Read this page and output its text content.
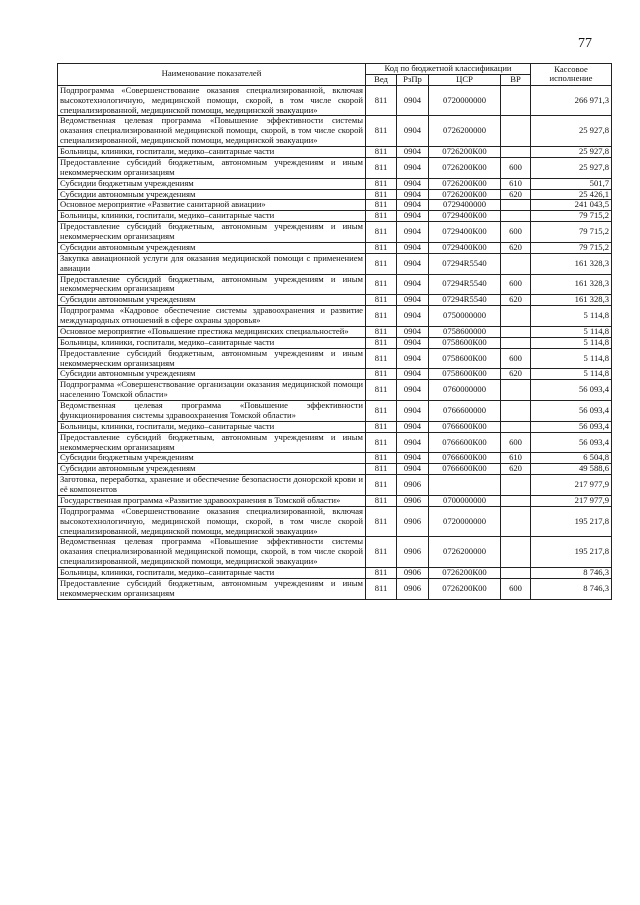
77
Наименование показателей	Код по бюджетной классификации				Кассовое исполнение
	Вед	РзПр	ЦСР	ВР	
Подпрограмма «Совершенствование оказания специализированной, включая высокотехнологичную, медицинской помощи, скорой, в том числе скорой специализированной, медицинской помощи, медицинской эвакуации»	811	0904	0720000000		266 971,3
Ведомственная целевая программа «Повышение эффективности системы оказания специализированной медицинской помощи, скорой, в том числе скорой специализированной, медицинской помощи, медицинской эвакуации»	811	0904	0726200000		25 927,8
Больницы, клиники, госпитали, медико–санитарные части	811	0904	0726200К00		25 927,8
Предоставление субсидий бюджетным, автономным учреждениям и иным некоммерческим организациям	811	0904	0726200К00	600	25 927,8
Субсидии бюджетным учреждениям	811	0904	0726200К00	610	501,7
Субсидии автономным учреждениям	811	0904	0726200К00	620	25 426,1
Основное мероприятие «Развитие санитарной авиации»	811	0904	0729400000		241 043,5
Больницы, клиники, госпитали, медико–санитарные части	811	0904	0729400К00		79 715,2
Предоставление субсидий бюджетным, автономным учреждениям и иным некоммерческим организациям	811	0904	0729400К00	600	79 715,2
Субсидии автономным учреждениям	811	0904	0729400К00	620	79 715,2
Закупка авиационной услуги для оказания медицинской помощи с применением авиации	811	0904	07294R5540		161 328,3
Предоставление субсидий бюджетным, автономным учреждениям и иным некоммерческим организациям	811	0904	07294R5540	600	161 328,3
Субсидии автономным учреждениям	811	0904	07294R5540	620	161 328,3
Подпрограмма «Кадровое обеспечение системы здравоохранения и развитие международных отношений в сфере охраны здоровья»	811	0904	0750000000		5 114,8
Основное мероприятие «Повышение престижа медицинских специальностей»	811	0904	0758600000		5 114,8
Больницы, клиники, госпитали, медико–санитарные части	811	0904	0758600К00		5 114,8
Предоставление субсидий бюджетным, автономным учреждениям и иным некоммерческим организациям	811	0904	0758600К00	600	5 114,8
Субсидии автономным учреждениям	811	0904	0758600К00	620	5 114,8
Подпрограмма «Совершенствование организации оказания медицинской помощи населению Томской области»	811	0904	0760000000		56 093,4
Ведомственная целевая программа «Повышение эффективности функционирования системы здравоохранения Томской области»	811	0904	0766600000		56 093,4
Больницы, клиники, госпитали, медико–санитарные части	811	0904	0766600К00		56 093,4
Предоставление субсидий бюджетным, автономным учреждениям и иным некоммерческим организациям	811	0904	0766600К00	600	56 093,4
Субсидии бюджетным учреждениям	811	0904	0766600К00	610	6 504,8
Субсидии автономным учреждениям	811	0904	0766600К00	620	49 588,6
Заготовка, переработка, хранение и обеспечение безопасности донорской крови и её компонентов	811	0906			217 977,9
Государственная программа «Развитие здравоохранения в Томской области»	811	0906	0700000000		217 977,9
Подпрограмма «Совершенствование оказания специализированной, включая высокотехнологичную, медицинской помощи, скорой, в том числе скорой специализированной, медицинской помощи, медицинской эвакуации»	811	0906	0720000000		195 217,8
Ведомственная целевая программа «Повышение эффективности системы оказания специализированной медицинской помощи, скорой, в том числе скорой специализированной, медицинской помощи, медицинской эвакуации»	811	0906	0726200000		195 217,8
Больницы, клиники, госпитали, медико–санитарные части	811	0906	0726200К00		8 746,3
Предоставление субсидий бюджетным, автономным учреждениям и иным некоммерческим организациям	811	0906	0726200К00	600	8 746,3
